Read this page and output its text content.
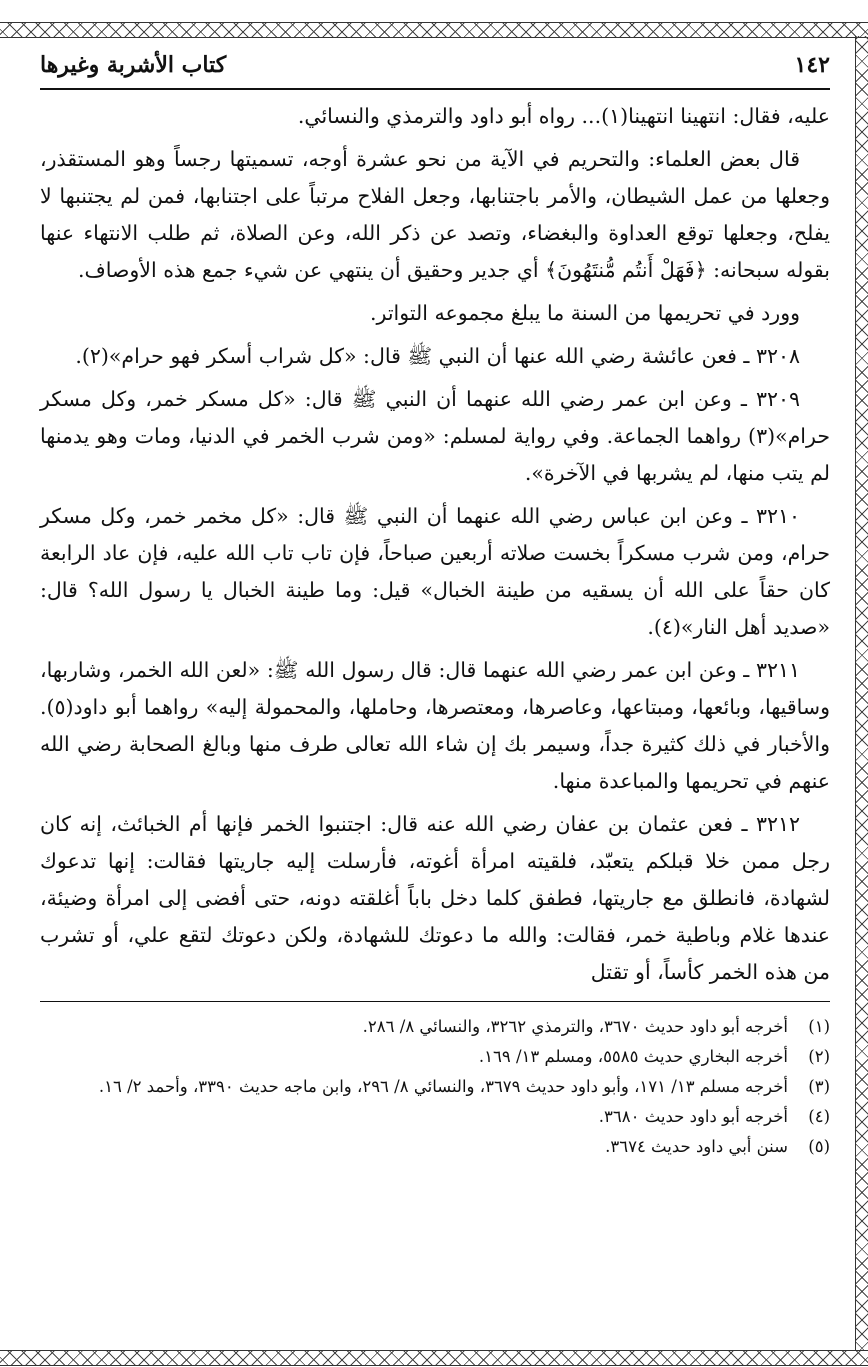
١٤٢
كتاب الأشربة وغيرها

عليه، فقال: انتهينا انتهينا(١)... رواه أبو داود والترمذي والنسائي.

قال بعض العلماء: والتحريم في الآية من نحو عشرة أوجه، تسميتها رجساً وهو المستقذر، وجعلها من عمل الشيطان، والأمر باجتنابها، وجعل الفلاح مرتباً على اجتنابها، فمن لم يجتنبها لا يفلح، وجعلها توقع العداوة والبغضاء، وتصد عن ذكر الله، وعن الصلاة، ثم طلب الانتهاء عنها بقوله سبحانه: ﴿فَهَلْ أَنتُم مُّنتَهُونَ﴾ أي جدير وحقيق أن ينتهي عن شيء جمع هذه الأوصاف.

وورد في تحريمها من السنة ما يبلغ مجموعه التواتر.

٣٢٠٨ ـ فعن عائشة رضي الله عنها أن النبي ﷺ قال: «كل شراب أسكر فهو حرام»(٢).

٣٢٠٩ ـ وعن ابن عمر رضي الله عنهما أن النبي ﷺ قال: «كل مسكر خمر، وكل مسكر حرام»(٣) رواهما الجماعة. وفي رواية لمسلم: «ومن شرب الخمر في الدنيا، ومات وهو يدمنها لم يتب منها، لم يشربها في الآخرة».

٣٢١٠ ـ وعن ابن عباس رضي الله عنهما أن النبي ﷺ قال: «كل مخمر خمر، وكل مسكر حرام، ومن شرب مسكراً بخست صلاته أربعين صباحاً، فإن تاب تاب الله عليه، فإن عاد الرابعة كان حقاً على الله أن يسقيه من طينة الخبال» قيل: وما طينة الخبال يا رسول الله؟ قال: «صديد أهل النار»(٤).

٣٢١١ ـ وعن ابن عمر رضي الله عنهما قال: قال رسول الله ﷺ: «لعن الله الخمر، وشاربها، وساقيها، وبائعها، ومبتاعها، وعاصرها، ومعتصرها، وحاملها، والمحمولة إليه» رواهما أبو داود(٥). والأخبار في ذلك كثيرة جداً، وسيمر بك إن شاء الله تعالى طرف منها وبالغ الصحابة رضي الله عنهم في تحريمها والمباعدة منها.

٣٢١٢ ـ فعن عثمان بن عفان رضي الله عنه قال: اجتنبوا الخمر فإنها أم الخبائث، إنه كان رجل ممن خلا قبلكم يتعبّد، فلقيته امرأة أغوته، فأرسلت إليه جاريتها فقالت: إنها تدعوك لشهادة، فانطلق مع جاريتها، فطفق كلما دخل باباً أغلقته دونه، حتى أفضى إلى امرأة وضيئة، عندها غلام وباطية خمر، فقالت: والله ما دعوتك للشهادة، ولكن دعوتك لتقع علي، أو تشرب من هذه الخمر كأساً، أو تقتل

(١)
أخرجه أبو داود حديث ٣٦٧٠، والترمذي ٣٢٦٢، والنسائي ٨/ ٢٨٦.
(٢)
أخرجه البخاري حديث ٥٥٨٥، ومسلم ١٣/ ١٦٩.
(٣)
أخرجه مسلم ١٣/ ١٧١، وأبو داود حديث ٣٦٧٩، والنسائي ٨/ ٢٩٦، وابن ماجه حديث ٣٣٩٠، وأحمد ٢/ ١٦.
(٤)
أخرجه أبو داود حديث ٣٦٨٠.
(٥)
سنن أبي داود حديث ٣٦٧٤.
